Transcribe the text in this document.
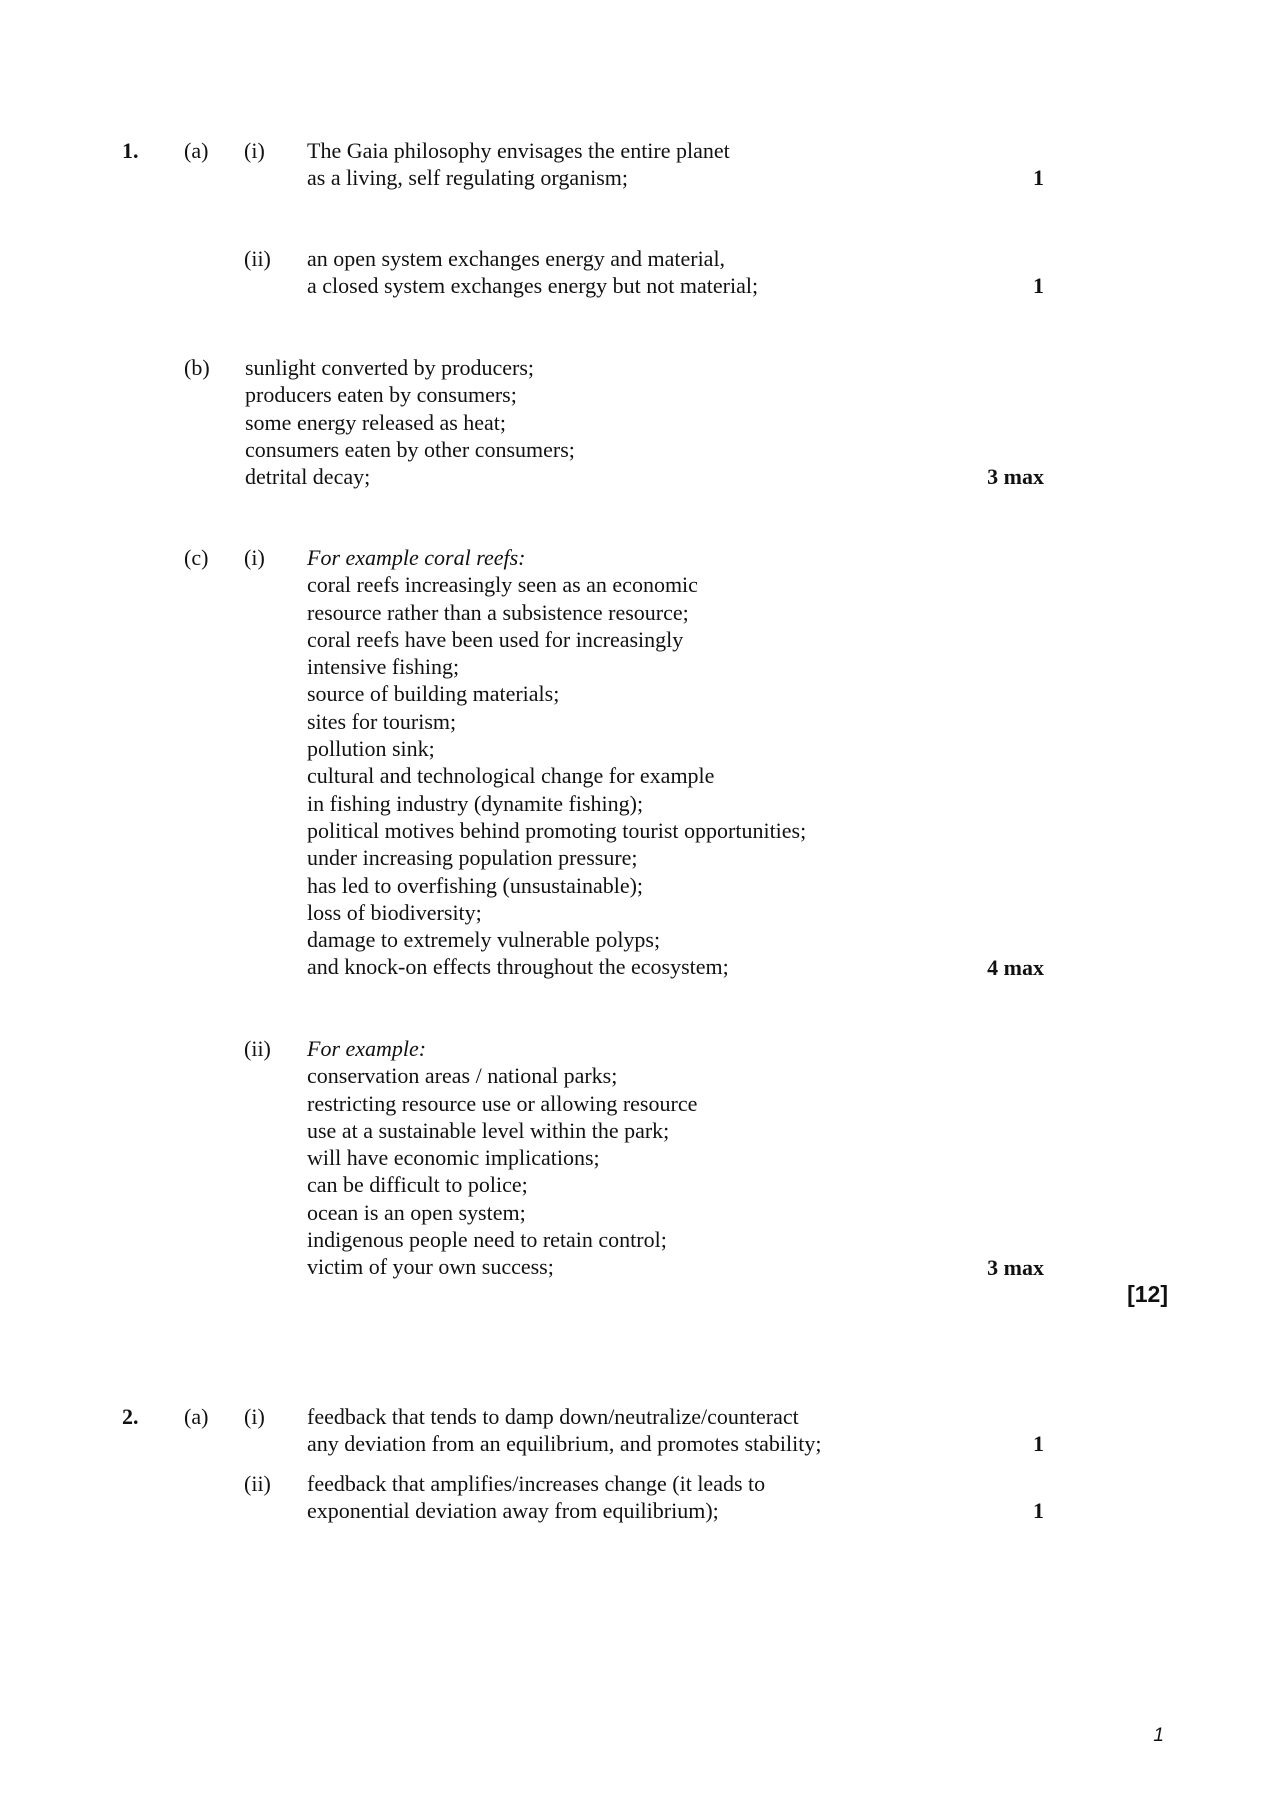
1. (a) (i) The Gaia philosophy envisages the entire planet
as a living, self regulating organism;	1
(ii) an open system exchanges energy and material,
a closed system exchanges energy but not material;	1
(b) sunlight converted by producers;
producers eaten by consumers;
some energy released as heat;
consumers eaten by other consumers;
detrital decay;	3 max
(c) (i) For example coral reefs:
coral reefs increasingly seen as an economic
resource rather than a subsistence resource;
coral reefs have been used for increasingly
intensive fishing;
source of building materials;
sites for tourism;
pollution sink;
cultural and technological change for example
in fishing industry (dynamite fishing);
political motives behind promoting tourist opportunities;
under increasing population pressure;
has led to overfishing (unsustainable);
loss of biodiversity;
damage to extremely vulnerable polyps;
and knock-on effects throughout the ecosystem;	4 max
(ii) For example:
conservation areas / national parks;
restricting resource use or allowing resource
use at a sustainable level within the park;
will have economic implications;
can be difficult to police;
ocean is an open system;
indigenous people need to retain control;
victim of your own success;	3 max
[12]
2. (a) (i) feedback that tends to damp down/neutralize/counteract
any deviation from an equilibrium, and promotes stability;	1
(ii) feedback that amplifies/increases change (it leads to
exponential deviation away from equilibrium);	1
1
